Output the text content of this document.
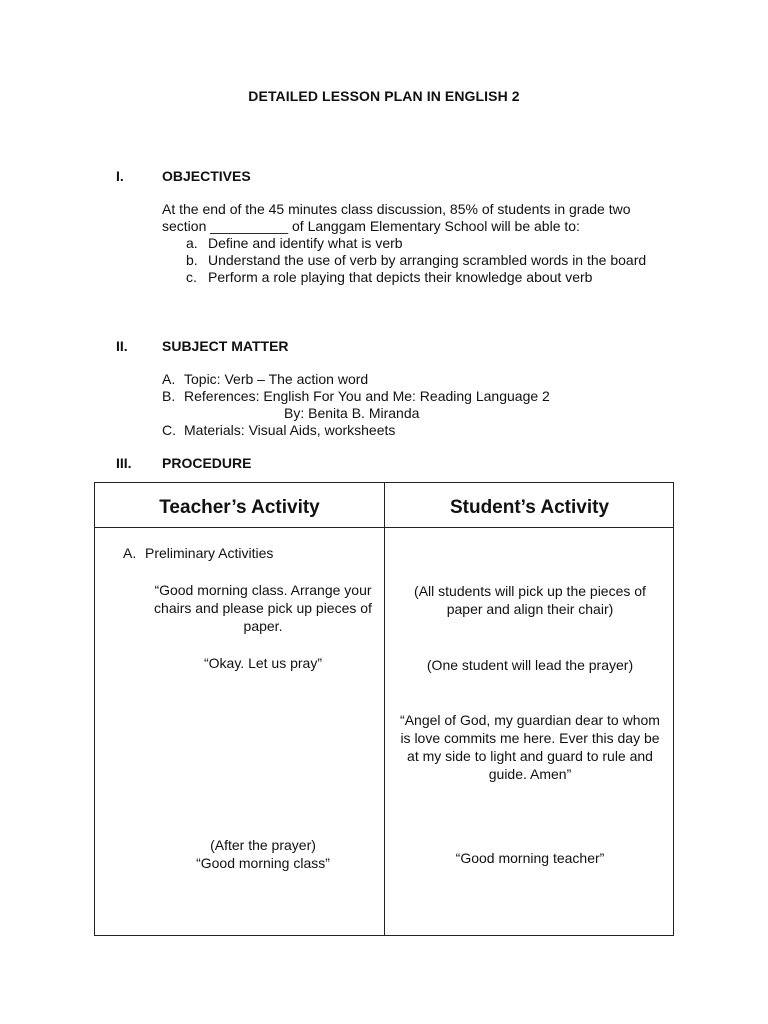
DETAILED LESSON PLAN IN ENGLISH 2
I.	OBJECTIVES
At the end of the 45 minutes class discussion, 85% of students in grade two section __________ of Langgam Elementary School will be able to:
a. Define and identify what is verb
b. Understand the use of verb by arranging scrambled words in the board
c. Perform a role playing that depicts their knowledge about verb
II. SUBJECT MATTER
A. Topic: Verb – The action word
B. References: English For You and Me: Reading Language 2
By: Benita B. Miranda
C. Materials: Visual Aids, worksheets
III. PROCEDURE
Teacher’s Activity	Student’s Activity
A. Preliminary Activities
“Good morning class. Arrange your chairs and please pick up pieces of paper.
“Okay. Let us pray”
(After the prayer)
“Good morning class”
(All students will pick up the pieces of paper and align their chair)
(One student will lead the prayer)
“Angel of God, my guardian dear to whom is love commits me here. Ever this day be at my side to light and guard to rule and guide. Amen”
“Good morning teacher”
